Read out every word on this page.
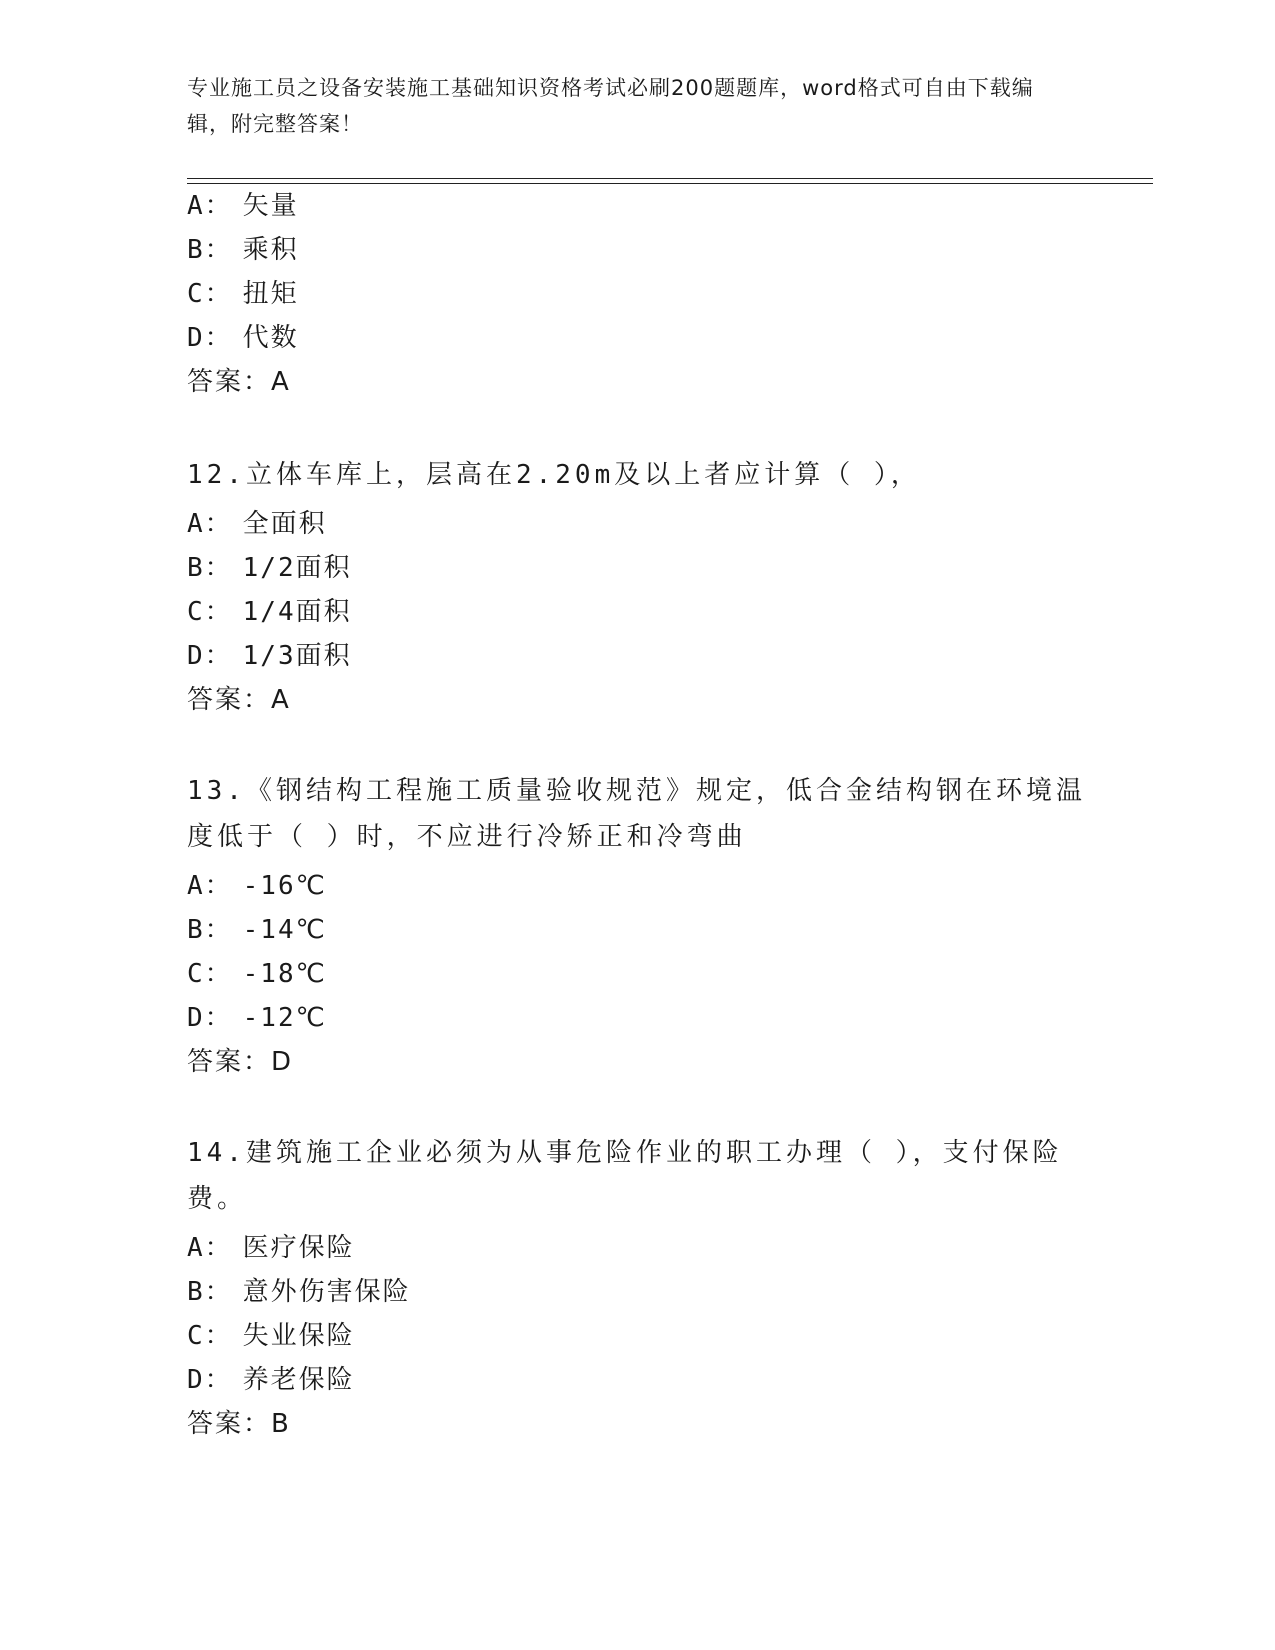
专业施工员之设备安装施工基础知识资格考试必刷200题题库，word格式可自由下载编辑，附完整答案！
A： 矢量
B： 乘积
C： 扭矩
D： 代数
答案：A
12.立体车库上，层高在2.20m及以上者应计算（ ），
A： 全面积
B： 1/2面积
C： 1/4面积
D： 1/3面积
答案：A
13.《钢结构工程施工质量验收规范》规定，低合金结构钢在环境温度低于（ ）时，不应进行冷矫正和冷弯曲
A： -16℃
B： -14℃
C： -18℃
D： -12℃
答案：D
14.建筑施工企业必须为从事危险作业的职工办理（ ），支付保险费。
A： 医疗保险
B： 意外伤害保险
C： 失业保险
D： 养老保险
答案：B
